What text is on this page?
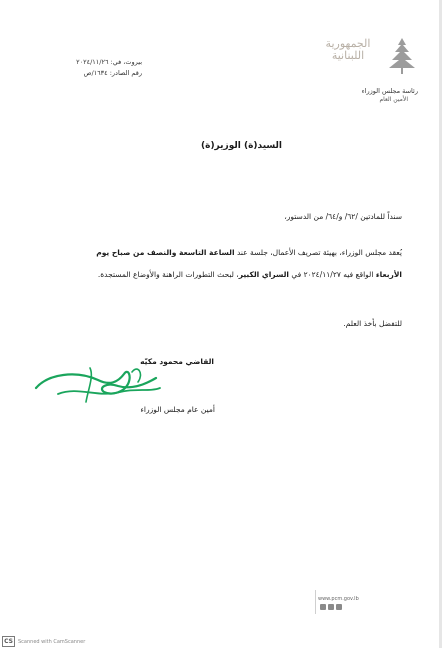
الجمهورية
اللبنانية
رئاسة مجلس الوزراء
الأمين العام
بيروت، في: ٢٠٢٤/١١/٢٦
رقم الصادر: ١٦٣٤/ص
السيد(ة) الوزير(ة)
سنداً للمادتين /٦٢/ و/٦٤/ من الدستور،
يُعقد مجلس الوزراء، بهيئة تصريف الأعمال، جلسة عند الساعة التاسعة والنصف من صباح يوم
الأربعاء الواقع فيه ٢٠٢٤/١١/٢٧ في السراي الكبير، لبحث التطورات الراهنة والأوضاع المستجدة.
للتفضل بأخذ العلم.
القاضي محمود مكيّه
أمين عام مجلس الوزراء
www.pcm.gov.lb
CS	Scanned with CamScanner
